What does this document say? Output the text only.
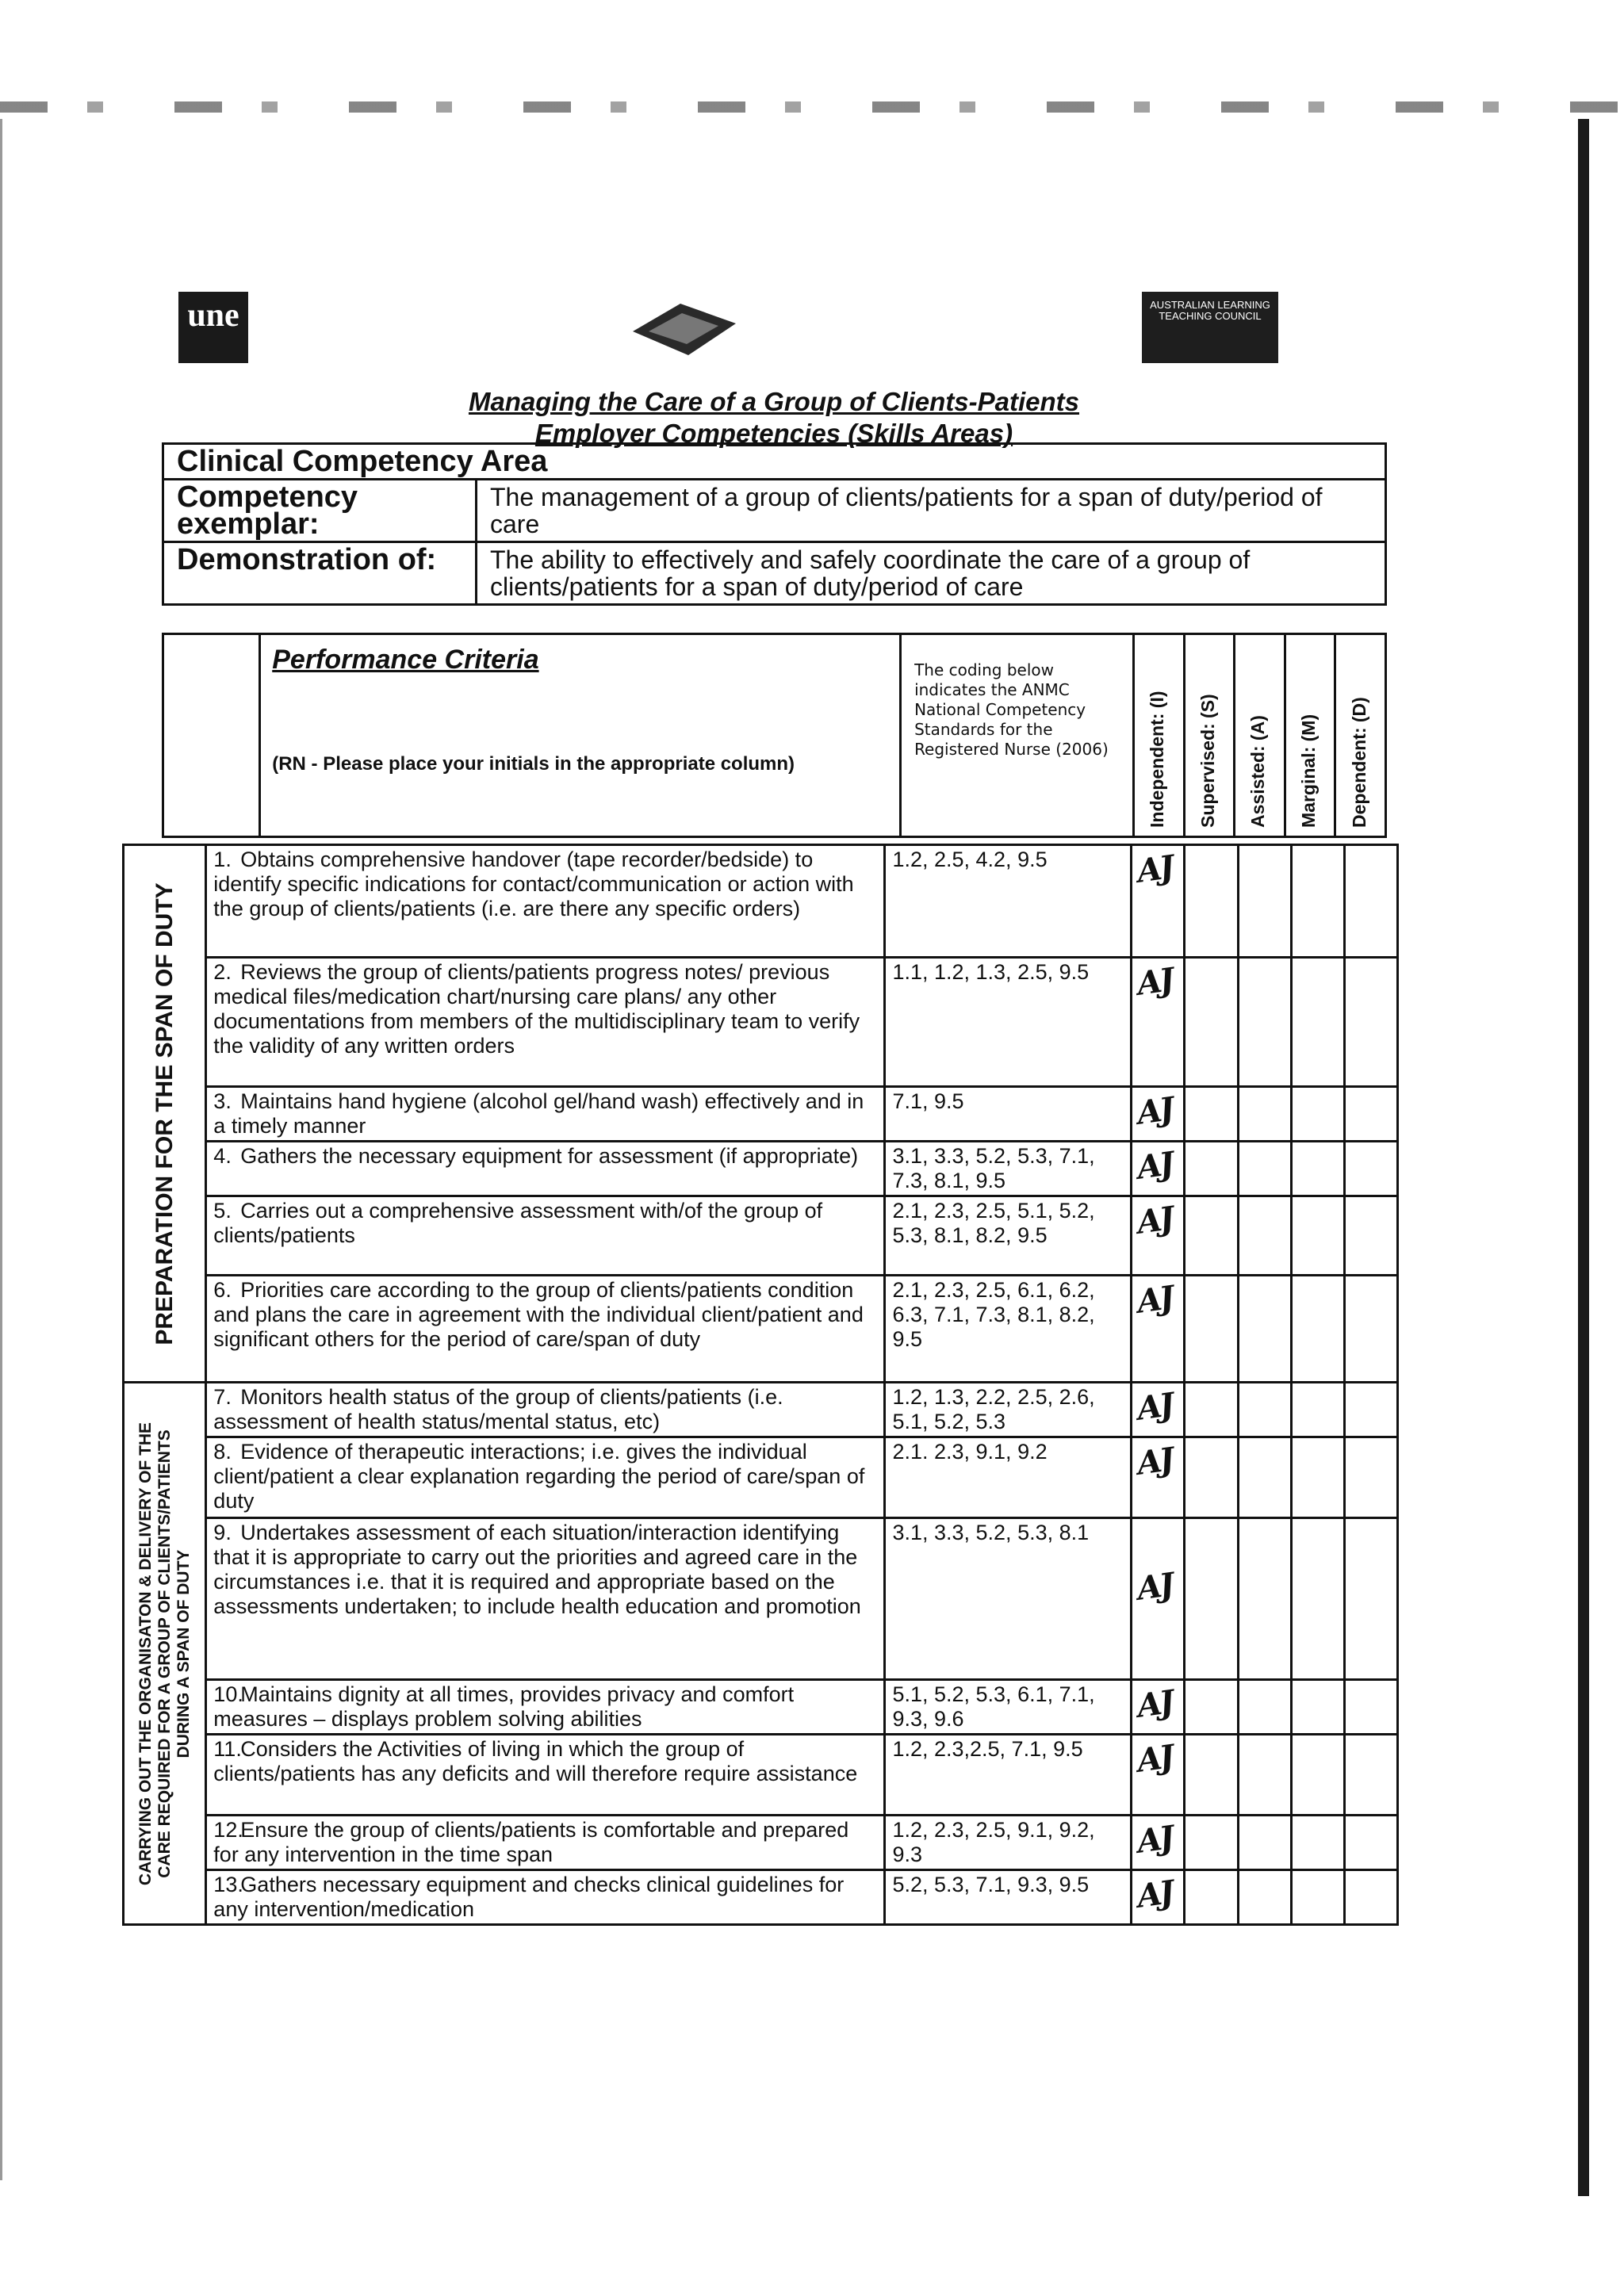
une	AUSTRALIAN LEARNING TEACHING COUNCIL
Managing the Care of a Group of Clients-Patients
Employer Competencies (Skills Areas)
Clinical Competency Area	
Competency exemplar:	The management of a group of clients/patients for a span of duty/period of care
Demonstration of:	The ability to effectively and safely coordinate the care of a group of clients/patients for a span of duty/period of care

Performance Criteria
(RN - Please place your initials in the appropriate column)
	The coding below indicates the ANMC National Competency Standards for the Registered Nurse (2006)	Independent: (I)	Supervised: (S)	Assisted: (A)	Marginal: (M)	Dependent: (D)
PREPARATION FOR THE SPAN OF DUTY	1. Obtains comprehensive handover (tape recorder/bedside) to identify specific indications for contact/communication or action with the group of clients/patients (i.e. are there any specific orders)	1.2, 2.5, 4.2, 9.5	AJ				

	2. Reviews the group of clients/patients progress notes/ previous medical files/medication chart/nursing care plans/ any other documentations from members of the multidisciplinary team to verify the validity of any written orders	1.1, 1.2, 1.3, 2.5, 9.5	AJ				

	3. Maintains hand hygiene (alcohol gel/hand wash) effectively and in a timely manner	7.1, 9.5	AJ				

	4. Gathers the necessary equipment for assessment (if appropriate)	3.1, 3.3, 5.2, 5.3, 7.1, 7.3, 8.1, 9.5	AJ				

	5. Carries out a comprehensive assessment with/of the group of clients/patients	2.1, 2.3, 2.5, 5.1, 5.2, 5.3, 8.1, 8.2, 9.5	AJ				

	6. Priorities care according to the group of clients/patients condition and plans the care in agreement with the individual client/patient and significant others for the period of care/span of duty	2.1, 2.3, 2.5, 6.1, 6.2, 6.3, 7.1, 7.3, 8.1, 8.2, 9.5	AJ				

CARRYING OUT THE ORGANISATON & DELIVERY OF THE CARE REQUIRED FOR A GROUP OF CLIENTS/PATIENTS DURING A SPAN OF DUTY	7. Monitors health status of the group of clients/patients (i.e. assessment of health status/mental status, etc)	1.2, 1.3, 2.2, 2.5, 2.6, 5.1, 5.2, 5.3	AJ				

	8. Evidence of therapeutic interactions; i.e. gives the individual client/patient a clear explanation regarding the period of care/span of duty	2.1. 2.3, 9.1, 9.2	AJ				

	9. Undertakes assessment of each situation/interaction identifying that it is appropriate to carry out the priorities and agreed care in the circumstances i.e. that it is required and appropriate based on the assessments undertaken; to include health education and promotion	3.1, 3.3, 5.2, 5.3, 8.1	AJ				

	10.Maintains dignity at all times, provides privacy and comfort measures – displays problem solving abilities	5.1, 5.2, 5.3, 6.1, 7.1, 9.3, 9.6	AJ				

	11.Considers the Activities of living in which the group of clients/patients has any deficits and will therefore require assistance	1.2, 2.3,2.5, 7.1, 9.5	AJ				

	12.Ensure the group of clients/patients is comfortable and prepared for any intervention in the time span	1.2, 2.3, 2.5, 9.1, 9.2, 9.3	AJ				

	13.Gathers necessary equipment and checks clinical guidelines for any intervention/medication	5.2, 5.3, 7.1, 9.3, 9.5	AJ				
